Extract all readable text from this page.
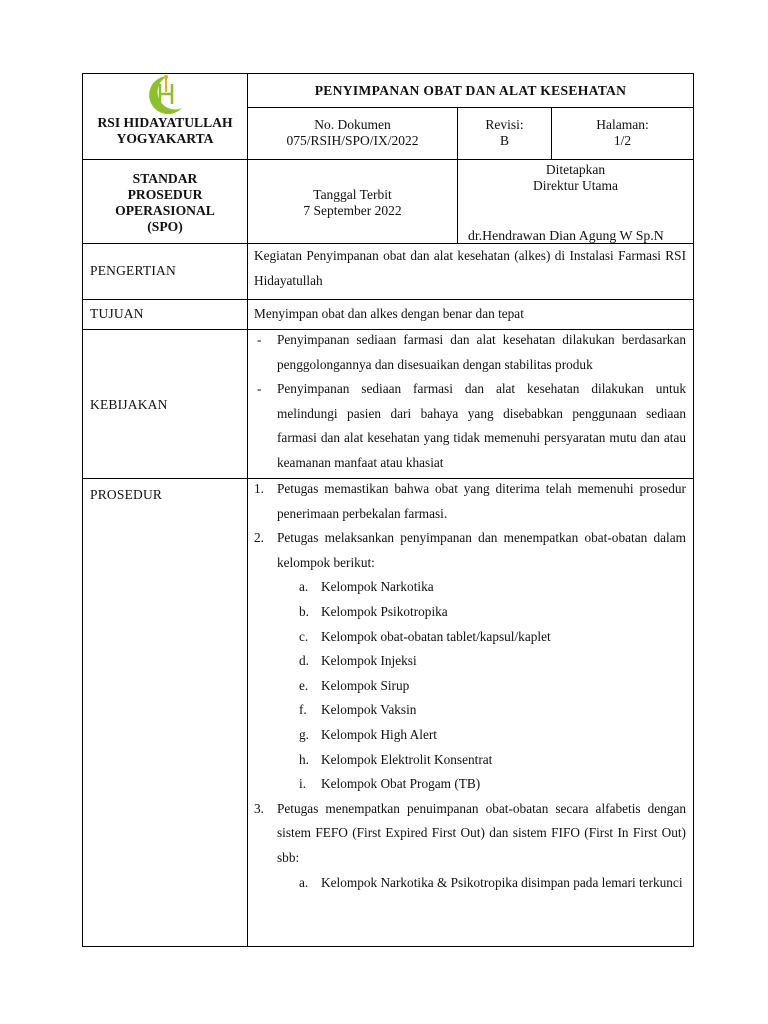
RSI HIDAYATULLAH
YOGYAKARTA
PENYIMPANAN OBAT DAN ALAT KESEHATAN
No. Dokumen
075/RSIH/SPO/IX/2022
Revisi:
B
Halaman:
1/2
STANDAR
PROSEDUR
OPERASIONAL
(SPO)
Tanggal Terbit
7 September 2022
Ditetapkan
Direktur Utama
dr.Hendrawan Dian Agung W Sp.N
PENGERTIAN
Kegiatan Penyimpanan obat dan alat kesehatan (alkes) di Instalasi Farmasi RSI Hidayatullah
TUJUAN	Menyimpan obat dan alkes dengan benar dan tepat
KEBIJAKAN
- Penyimpanan sediaan farmasi dan alat kesehatan dilakukan berdasarkan penggolongannya dan disesuaikan dengan stabilitas produk
- Penyimpanan sediaan farmasi dan alat kesehatan dilakukan untuk melindungi pasien dari bahaya yang disebabkan penggunaan sediaan farmasi dan alat kesehatan yang tidak memenuhi persyaratan mutu dan atau keamanan manfaat atau khasiat
PROSEDUR	1. Petugas memastikan bahwa obat yang diterima telah memenuhi prosedur penerimaan perbekalan farmasi.
2. Petugas melaksankan penyimpanan dan menempatkan obat-obatan dalam kelompok berikut:
a. Kelompok Narkotika
b. Kelompok Psikotropika
c. Kelompok obat-obatan tablet/kapsul/kaplet
d. Kelompok Injeksi
e. Kelompok Sirup
f. Kelompok Vaksin
g. Kelompok High Alert
h. Kelompok Elektrolit Konsentrat
i. Kelompok Obat Progam (TB)
3. Petugas menempatkan penuimpanan obat-obatan secara alfabetis dengan sistem FEFO (First Expired First Out) dan sistem FIFO (First In First Out) sbb:
a. Kelompok Narkotika & Psikotropika disimpan pada lemari terkunci
